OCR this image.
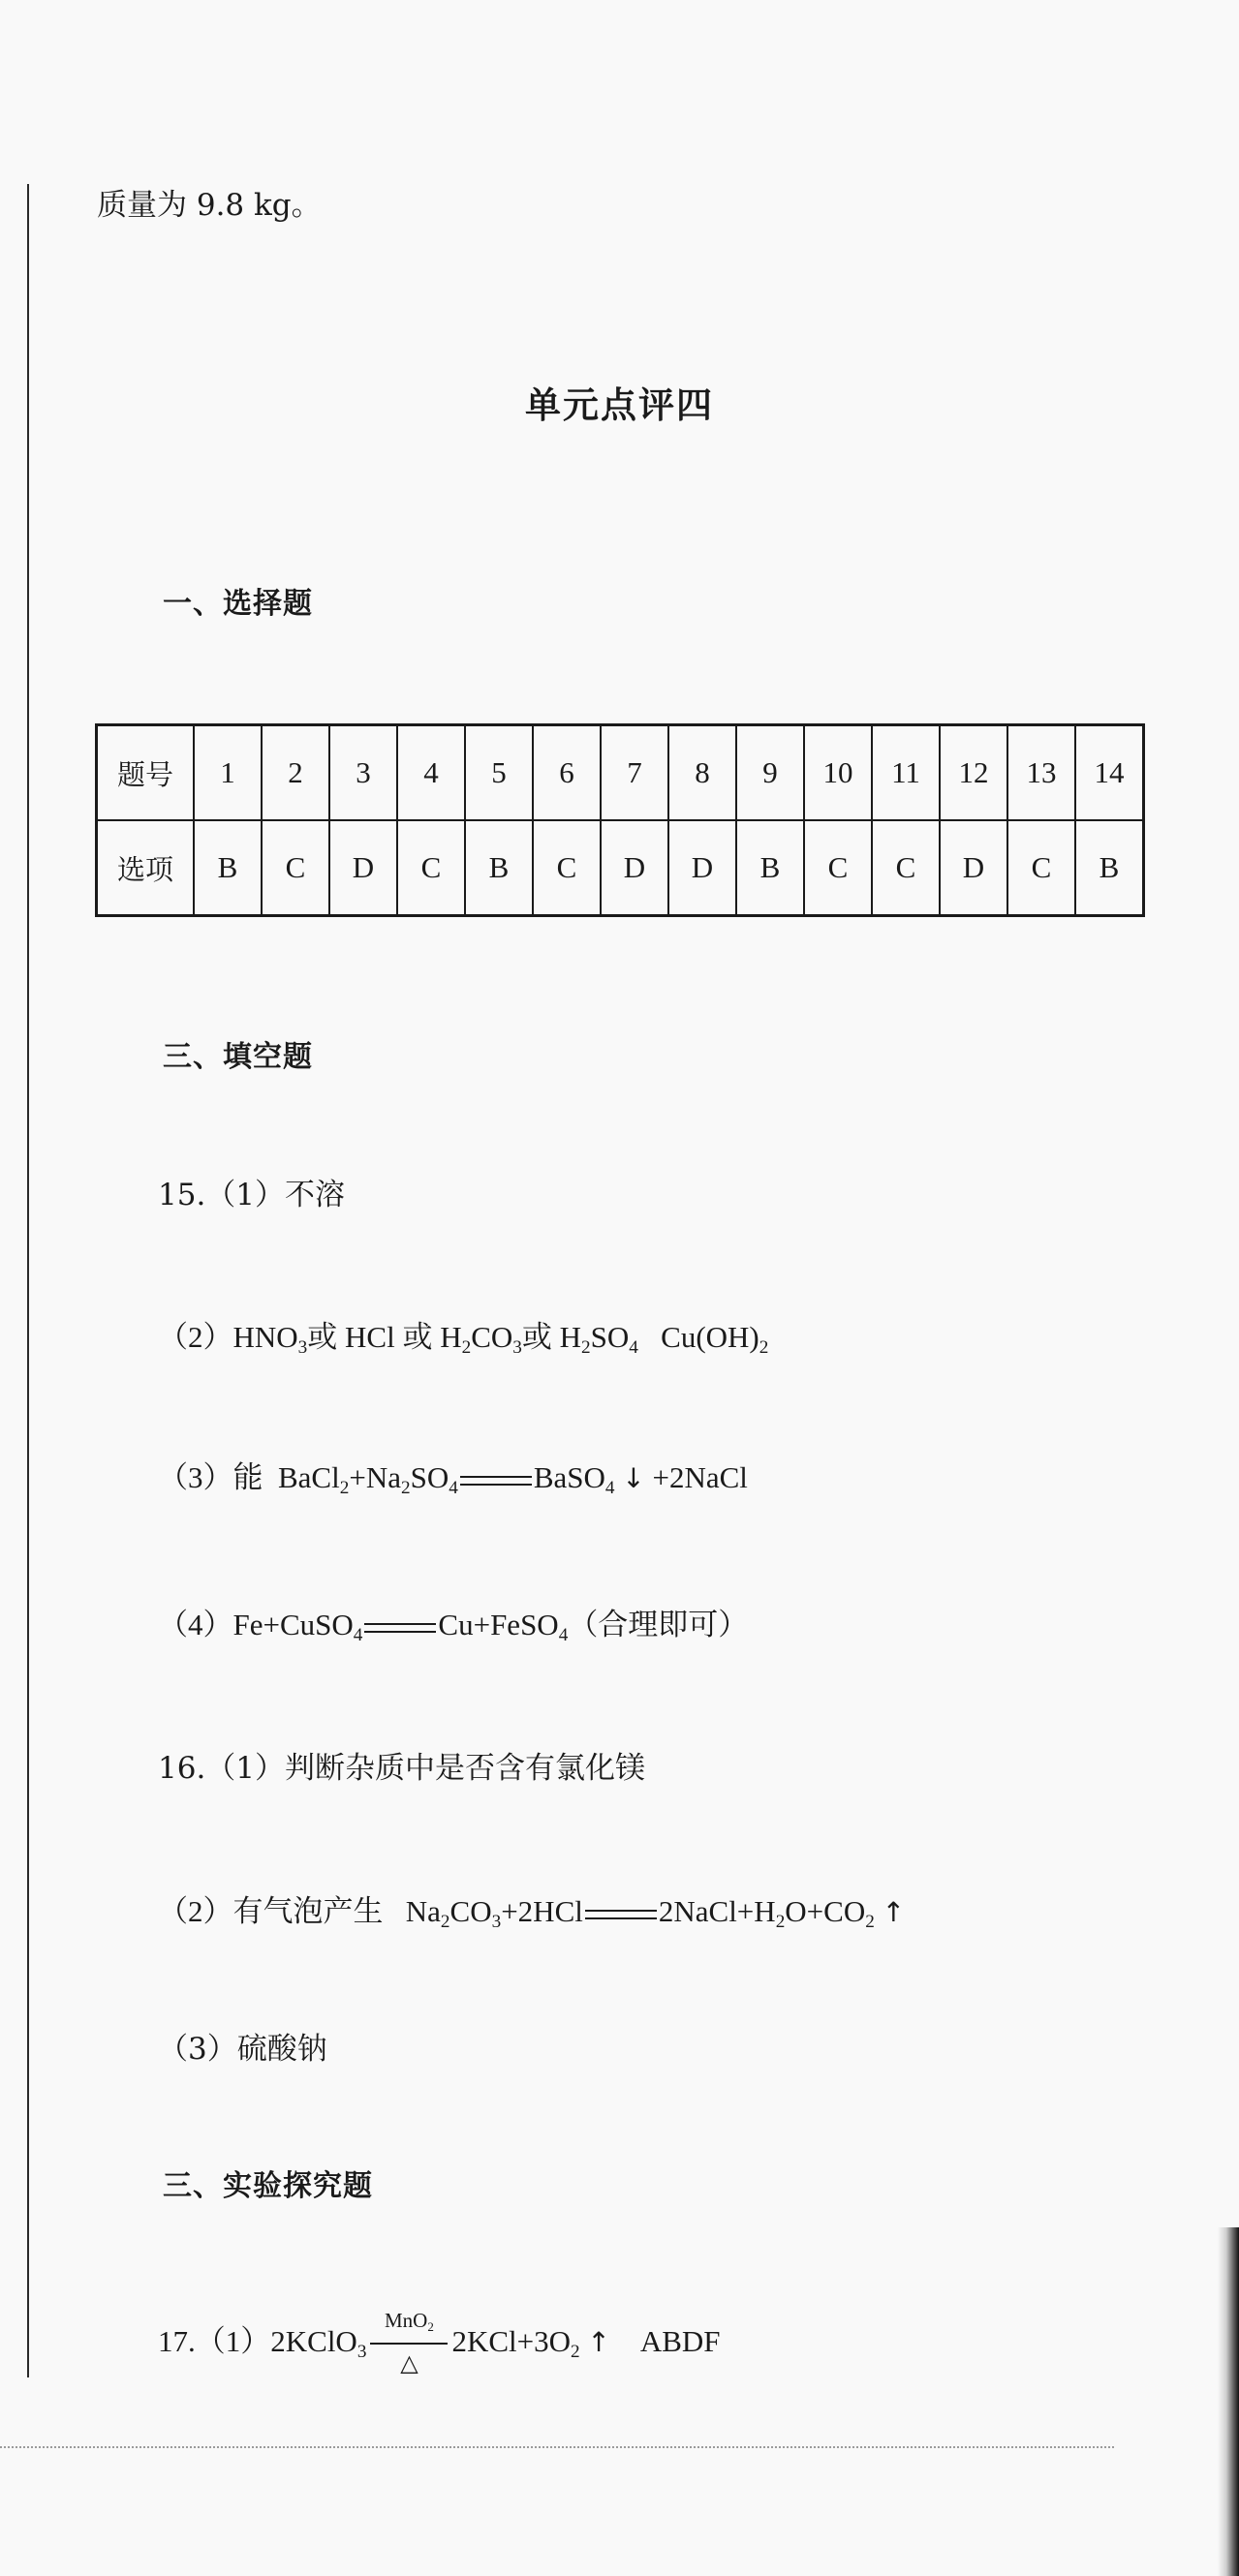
质量为 9.8 kg。
单元点评四
一、选择题
题号	1	2	3	4	5	6	7	8	9	10	11	12	13	14
选项	B	C	D	C	B	C	D	D	B	C	C	D	C	B
三、填空题
15.（1）不溶
$(2)HNO_3$或 HCl 或 $H_2CO_3$或 $H_2SO_4$ $Cu(OH)_2$
（3）能 $BaCl_2+Na_2SO_4$	BaSO$_4$ ↓ +2NaCl
（4）Fe+CuSO$_4$	Cu+FeSO$_4$（合理即可）
16.（1）判断杂质中是否含有氯化镁
（2）有气泡产生 $Na_2CO_3+2HCl$	$2NaCl+H_2O+CO_2$ ↑
（3）硫酸钠
三、实验探究题
17.（1）2KClO$_3$
MnO$_2$
△
$2KCl+3O_2$ ↑ ABDF
